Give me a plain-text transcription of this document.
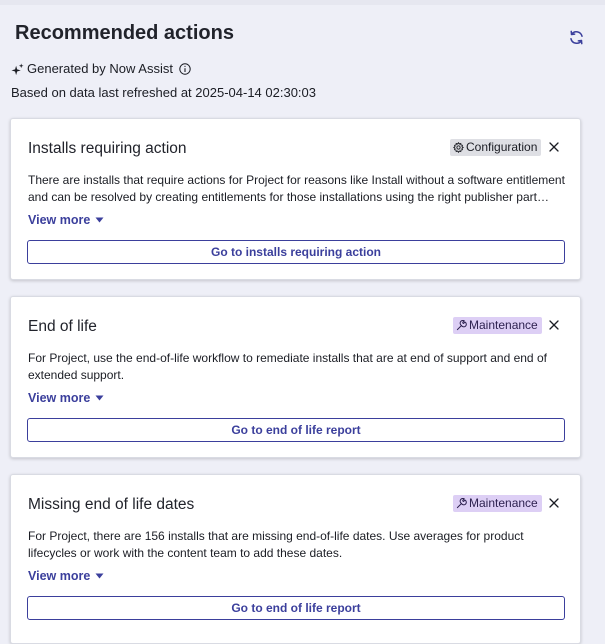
Recommended actions
Generated by Now Assist
Based on data last refreshed at 2025-04-14 02:30:03
Installs requiring action	Configuration

There are installs that require actions for Project for reasons like Install without a software entitlement and can be resolved by creating entitlements for those installations using the right publisher part…

View more
Go to installs requiring action
End of life	Maintenance

For Project, use the end-of-life workflow to remediate installs that are at end of support and end of extended support.

View more
Go to end of life report
Missing end of life dates	Maintenance

For Project, there are 156 installs that are missing end-of-life dates. Use averages for product lifecycles or work with the content team to add these dates.

View more
Go to end of life report
